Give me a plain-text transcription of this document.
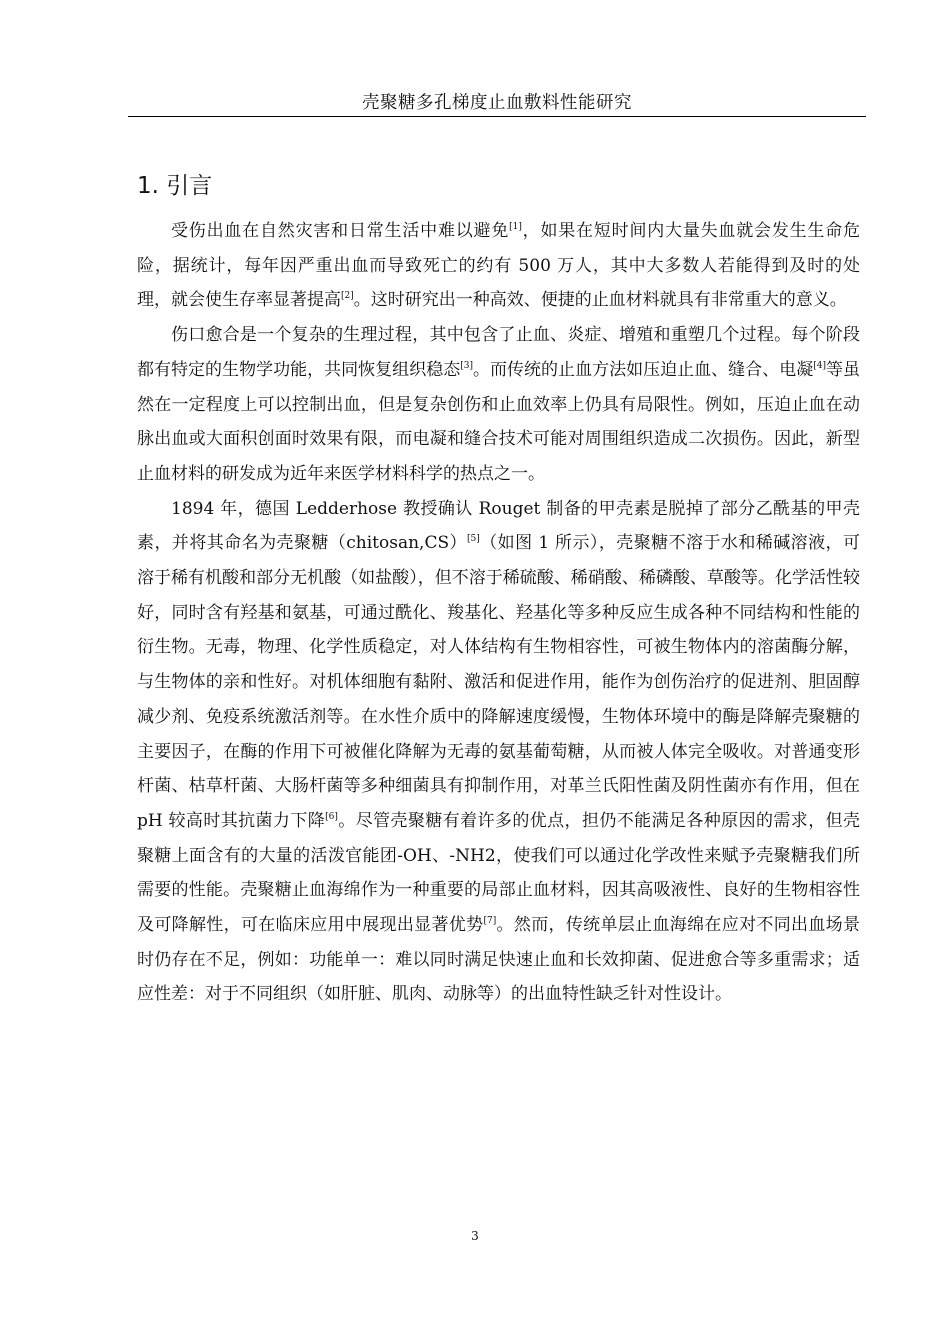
壳聚糖多孔梯度止血敷料性能研究
1. 引言

受伤出血在自然灾害和日常生活中难以避免[1]，如果在短时间内大量失血就会发生生命危险，据统计，每年因严重出血而导致死亡的约有 500 万人，其中大多数人若能得到及时的处理，就会使生存率显著提高[2]。这时研究出一种高效、便捷的止血材料就具有非常重大的意义。

伤口愈合是一个复杂的生理过程，其中包含了止血、炎症、增殖和重塑几个过程。每个阶段都有特定的生物学功能，共同恢复组织稳态[3]。而传统的止血方法如压迫止血、缝合、电凝[4]等虽然在一定程度上可以控制出血，但是复杂创伤和止血效率上仍具有局限性。例如，压迫止血在动脉出血或大面积创面时效果有限，而电凝和缝合技术可能对周围组织造成二次损伤。因此，新型止血材料的研发成为近年来医学材料科学的热点之一。

1894 年，德国 Ledderhose 教授确认 Rouget 制备的甲壳素是脱掉了部分乙酰基的甲壳素，并将其命名为壳聚糖（chitosan,CS）[5]（如图 1 所示），壳聚糖不溶于水和稀碱溶液，可溶于稀有机酸和部分无机酸（如盐酸），但不溶于稀硫酸、稀硝酸、稀磷酸、草酸等。化学活性较好，同时含有羟基和氨基，可通过酰化、羧基化、羟基化等多种反应生成各种不同结构和性能的衍生物。无毒，物理、化学性质稳定，对人体结构有生物相容性，可被生物体内的溶菌酶分解，与生物体的亲和性好。对机体细胞有黏附、激活和促进作用，能作为创伤治疗的促进剂、胆固醇减少剂、免疫系统激活剂等。在水性介质中的降解速度缓慢，生物体环境中的酶是降解壳聚糖的主要因子，在酶的作用下可被催化降解为无毒的氨基葡萄糖，从而被人体完全吸收。对普通变形杆菌、枯草杆菌、大肠杆菌等多种细菌具有抑制作用，对革兰氏阳性菌及阴性菌亦有作用，但在 pH 较高时其抗菌力下降[6]。尽管壳聚糖有着许多的优点，担仍不能满足各种原因的需求，但壳聚糖上面含有的大量的活泼官能团-OH、-NH2，使我们可以通过化学改性来赋予壳聚糖我们所需要的性能。壳聚糖止血海绵作为一种重要的局部止血材料，因其高吸液性、良好的生物相容性及可降解性，可在临床应用中展现出显著优势[7]。然而，传统单层止血海绵在应对不同出血场景时仍存在不足，例如：功能单一：难以同时满足快速止血和长效抑菌、促进愈合等多重需求；适应性差：对于不同组织（如肝脏、肌肉、动脉等）的出血特性缺乏针对性设计。

3
